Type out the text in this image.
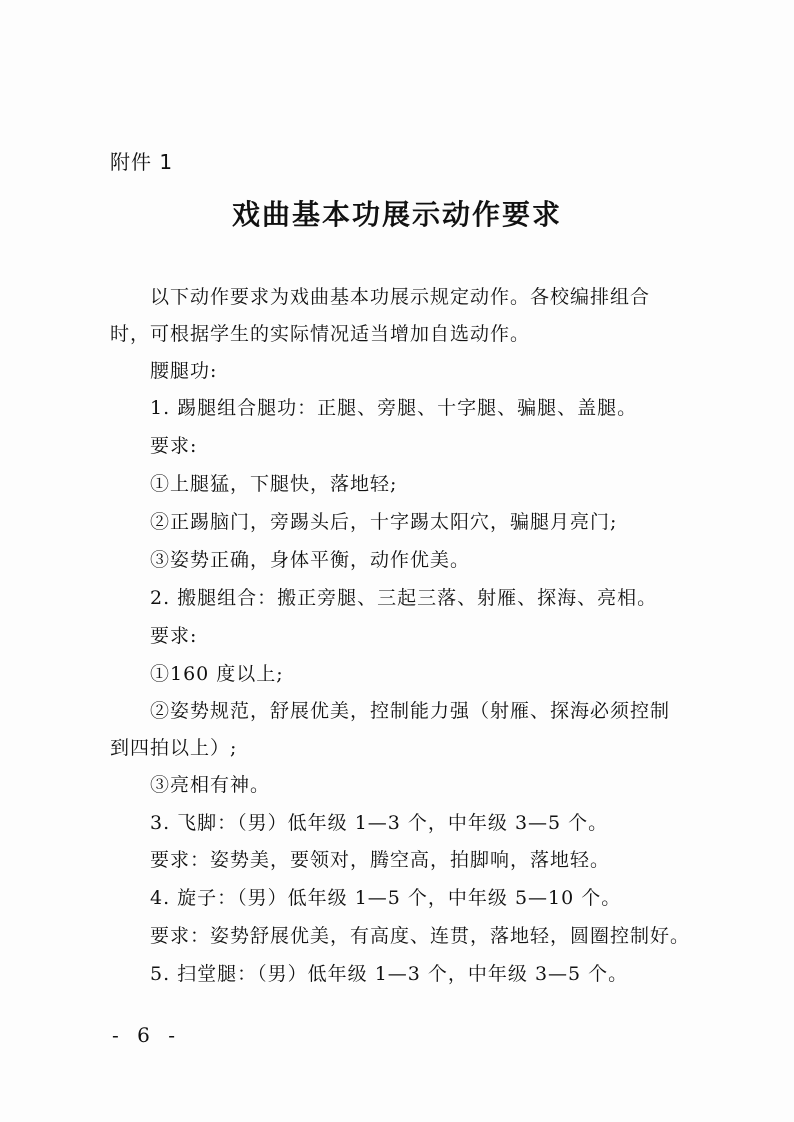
附件 1
戏曲基本功展示动作要求
　　以下动作要求为戏曲基本功展示规定动作。各校编排组合
时，可根据学生的实际情况适当增加自选动作。
　　腰腿功:
　　1. 踢腿组合腿功：正腿、旁腿、十字腿、骗腿、盖腿。
　　要求:
　　①上腿猛，下腿快，落地轻;
　　②正踢脑门，旁踢头后，十字踢太阳穴，骗腿月亮门;
　　③姿势正确，身体平衡，动作优美。
　　2. 搬腿组合：搬正旁腿、三起三落、射雁、探海、亮相。
　　要求:
　　①160 度以上;
　　②姿势规范，舒展优美，控制能力强（射雁、探海必须控制
到四拍以上）;
　　③亮相有神。
　　3. 飞脚：（男）低年级 1—3 个，中年级 3—5 个。
　　要求：姿势美，要领对，腾空高，拍脚响，落地轻。
　　4. 旋子：（男）低年级 1—5 个，中年级 5—10 个。
　　要求：姿势舒展优美，有高度、连贯，落地轻，圆圈控制好。
　　5. 扫堂腿：（男）低年级 1—3 个，中年级 3—5 个。
- 6 -
